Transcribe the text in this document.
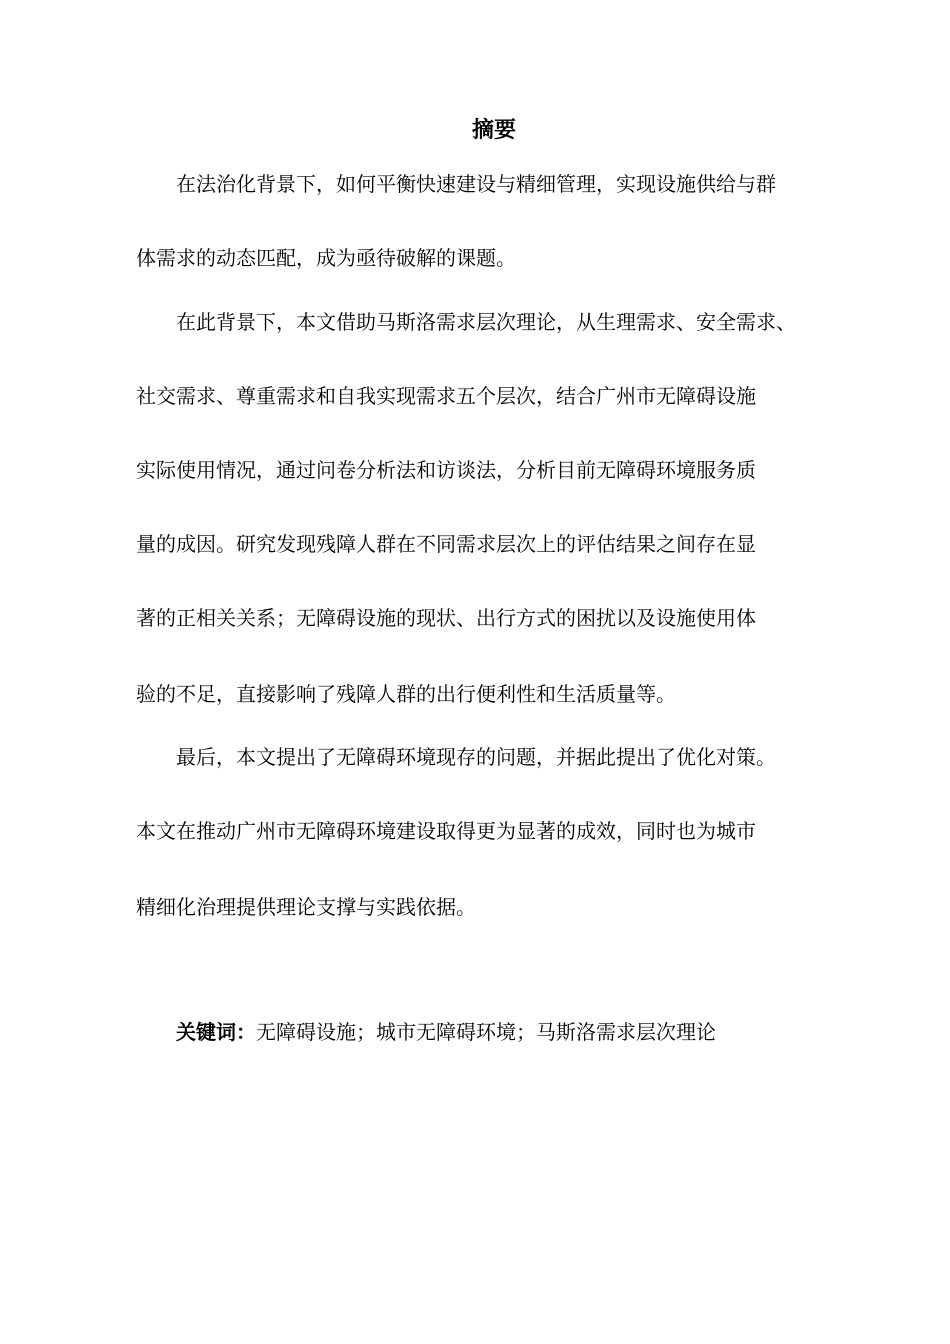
摘要
在法治化背景下，如何平衡快速建设与精细管理，实现设施供给与群
体需求的动态匹配，成为亟待破解的课题。
在此背景下，本文借助马斯洛需求层次理论，从生理需求、安全需求、
社交需求、尊重需求和自我实现需求五个层次，结合广州市无障碍设施
实际使用情况，通过问卷分析法和访谈法，分析目前无障碍环境服务质
量的成因。研究发现残障人群在不同需求层次上的评估结果之间存在显
著的正相关关系；无障碍设施的现状、出行方式的困扰以及设施使用体
验的不足，直接影响了残障人群的出行便利性和生活质量等。
最后，本文提出了无障碍环境现存的问题，并据此提出了优化对策。
本文在推动广州市无障碍环境建设取得更为显著的成效，同时也为城市
精细化治理提供理论支撑与实践依据。
关键词：无障碍设施；城市无障碍环境；马斯洛需求层次理论
